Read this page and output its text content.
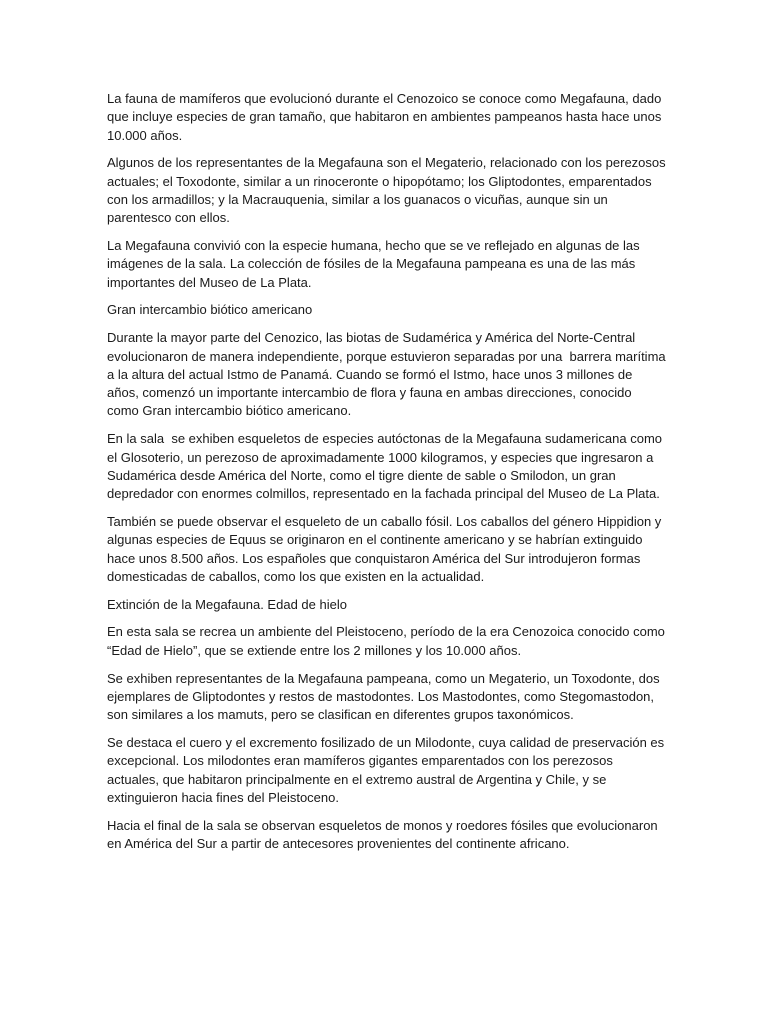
La fauna de mamíferos que evolucionó durante el Cenozoico se conoce como Megafauna, dado que incluye especies de gran tamaño, que habitaron en ambientes pampeanos hasta hace unos 10.000 años.

Algunos de los representantes de la Megafauna son el Megaterio, relacionado con los perezosos actuales; el Toxodonte, similar a un rinoceronte o hipopótamo; los Gliptodontes, emparentados con los armadillos; y la Macrauquenia, similar a los guanacos o vicuñas, aunque sin un parentesco con ellos.

La Megafauna convivió con la especie humana, hecho que se ve reflejado en algunas de las imágenes de la sala. La colección de fósiles de la Megafauna pampeana es una de las más importantes del Museo de La Plata.

Gran intercambio biótico americano

Durante la mayor parte del Cenozico, las biotas de Sudamérica y América del Norte-Central evolucionaron de manera independiente, porque estuvieron separadas por una  barrera marítima a la altura del actual Istmo de Panamá. Cuando se formó el Istmo, hace unos 3 millones de años, comenzó un importante intercambio de flora y fauna en ambas direcciones, conocido como Gran intercambio biótico americano.

En la sala  se exhiben esqueletos de especies autóctonas de la Megafauna sudamericana como el Glosoterio, un perezoso de aproximadamente 1000 kilogramos, y especies que ingresaron a Sudamérica desde América del Norte, como el tigre diente de sable o Smilodon, un gran depredador con enormes colmillos, representado en la fachada principal del Museo de La Plata.

También se puede observar el esqueleto de un caballo fósil. Los caballos del género Hippidion y algunas especies de Equus se originaron en el continente americano y se habrían extinguido hace unos 8.500 años. Los españoles que conquistaron América del Sur introdujeron formas domesticadas de caballos, como los que existen en la actualidad.

Extinción de la Megafauna. Edad de hielo

En esta sala se recrea un ambiente del Pleistoceno, período de la era Cenozoica conocido como “Edad de Hielo”, que se extiende entre los 2 millones y los 10.000 años.

Se exhiben representantes de la Megafauna pampeana, como un Megaterio, un Toxodonte, dos ejemplares de Gliptodontes y restos de mastodontes. Los Mastodontes, como Stegomastodon, son similares a los mamuts, pero se clasifican en diferentes grupos taxonómicos.

Se destaca el cuero y el excremento fosilizado de un Milodonte, cuya calidad de preservación es excepcional. Los milodontes eran mamíferos gigantes emparentados con los perezosos actuales, que habitaron principalmente en el extremo austral de Argentina y Chile, y se extinguieron hacia fines del Pleistoceno.

Hacia el final de la sala se observan esqueletos de monos y roedores fósiles que evolucionaron en América del Sur a partir de antecesores provenientes del continente africano.
